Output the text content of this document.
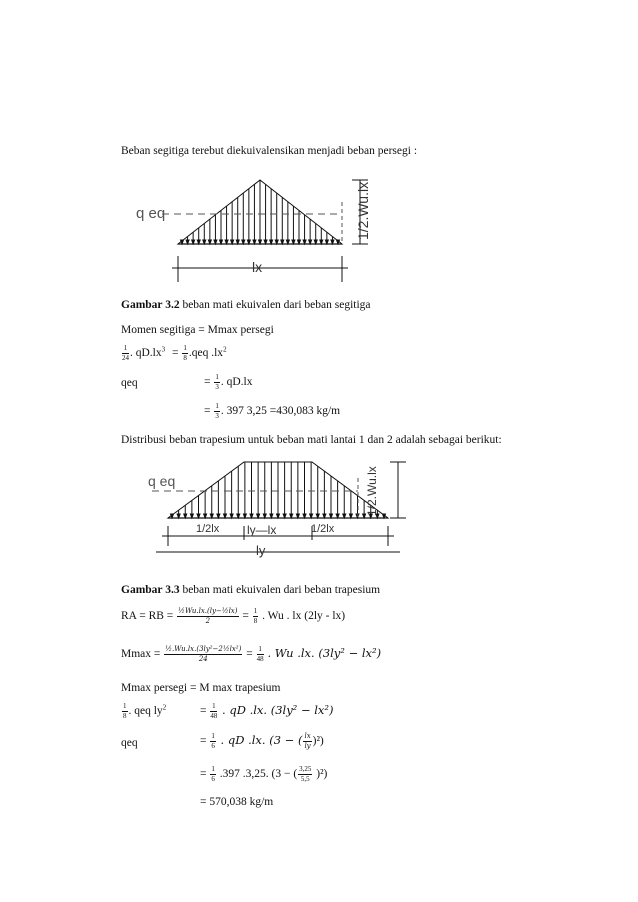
Beban segitiga terebut diekuivalensikan menjadi beban persegi :
q eq
lx
1/2.Wu.lx
Gambar 3.2 beban mati ekuivalen dari beban segitiga
Momen segitiga = Mmax persegi
$\frac{1}{24}$ . $qD.lx^3 = \frac{1}{8} .qeq$ $.lx^2$
qeq	= $\frac{1}{3}$ . qD.lx
= $\frac{1}{3}$ . 397 3,25 =430,083 kg/m
Distribusi beban trapesium untuk beban mati lantai 1 dan 2 adalah sebagai berikut:
q eq
1/2lx ly—lx	1/2lx
ly
1/2.Wu.lx
Gambar 3.3 beban mati ekuivalen dari beban trapesium
RA = RB = $\frac{\text{½Wu.lx.(ly−½lx)}}{2} = \frac{1}{8}$ . Wu . lx (2ly - lx)
$Mmax = \frac{\text{½.Wu.lx.(3ly²−2½lx²)}}{24} = \frac{1}{48}$ . Wu .lx. (3ly² − lx²)
Mmax persegi = M max trapesium
$\frac{1}{8}$ . qeq $ly^2$	= $\frac{1}{48}$ . qD .lx. (3ly² − lx²)
qeq	= $\frac{1}{6}$ . qD .lx. (3 − ( $\frac{lx}{ly} )^2$)
= $\frac{1}{6} .397$ .3,25. (3 − ( $\frac{3,25}{5,5} )^2$)
= 570,038 kg/m
